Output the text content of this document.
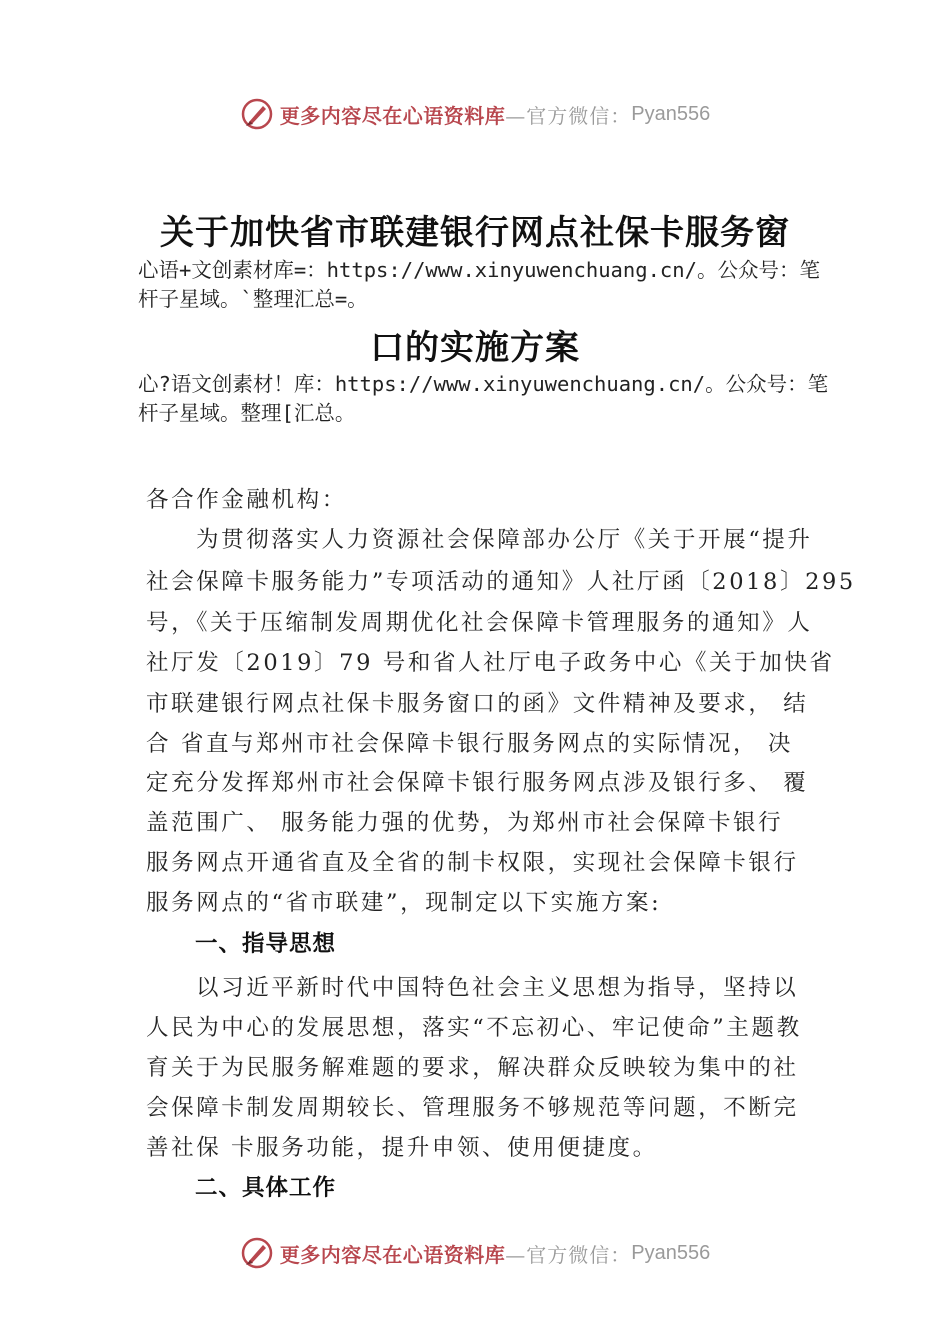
更多内容尽在心语资料库 —官方微信： Pyan556
关于加快省市联建银行网点社保卡服务窗
心语+文创素材库=：https://www.xinyuwenchuang.cn/。公众号：笔杆子星域。`整理汇总=。
口的实施方案
心?语文创素材！库：https://www.xinyuwenchuang.cn/。公众号：笔杆子星域。整理[汇总。
各合作金融机构：
为贯彻落实人力资源社会保障部办公厅《关于开展“提升
社会保障卡服务能力”专项活动的通知》人社厅函〔2018〕295
号，《关于压缩制发周期优化社会保障卡管理服务的通知》人
社厅发〔2019〕79 号和省人社厅电子政务中心《关于加快省
市联建银行网点社保卡服务窗口的函》文件精神及要求， 结
合 省直与郑州市社会保障卡银行服务网点的实际情况， 决
定充分发挥郑州市社会保障卡银行服务网点涉及银行多、 覆
盖范围广、 服务能力强的优势，为郑州市社会保障卡银行
服务网点开通省直及全省的制卡权限，实现社会保障卡银行
服务网点的“省市联建”，现制定以下实施方案:
一、指导思想
以习近平新时代中国特色社会主义思想为指导，坚持以
人民为中心的发展思想，落实“不忘初心、牢记使命”主题教
育关于为民服务解难题的要求，解决群众反映较为集中的社
会保障卡制发周期较长、管理服务不够规范等问题，不断完
善社保 卡服务功能，提升申领、使用便捷度。
二、具体工作
更多内容尽在心语资料库 —官方微信： Pyan556
